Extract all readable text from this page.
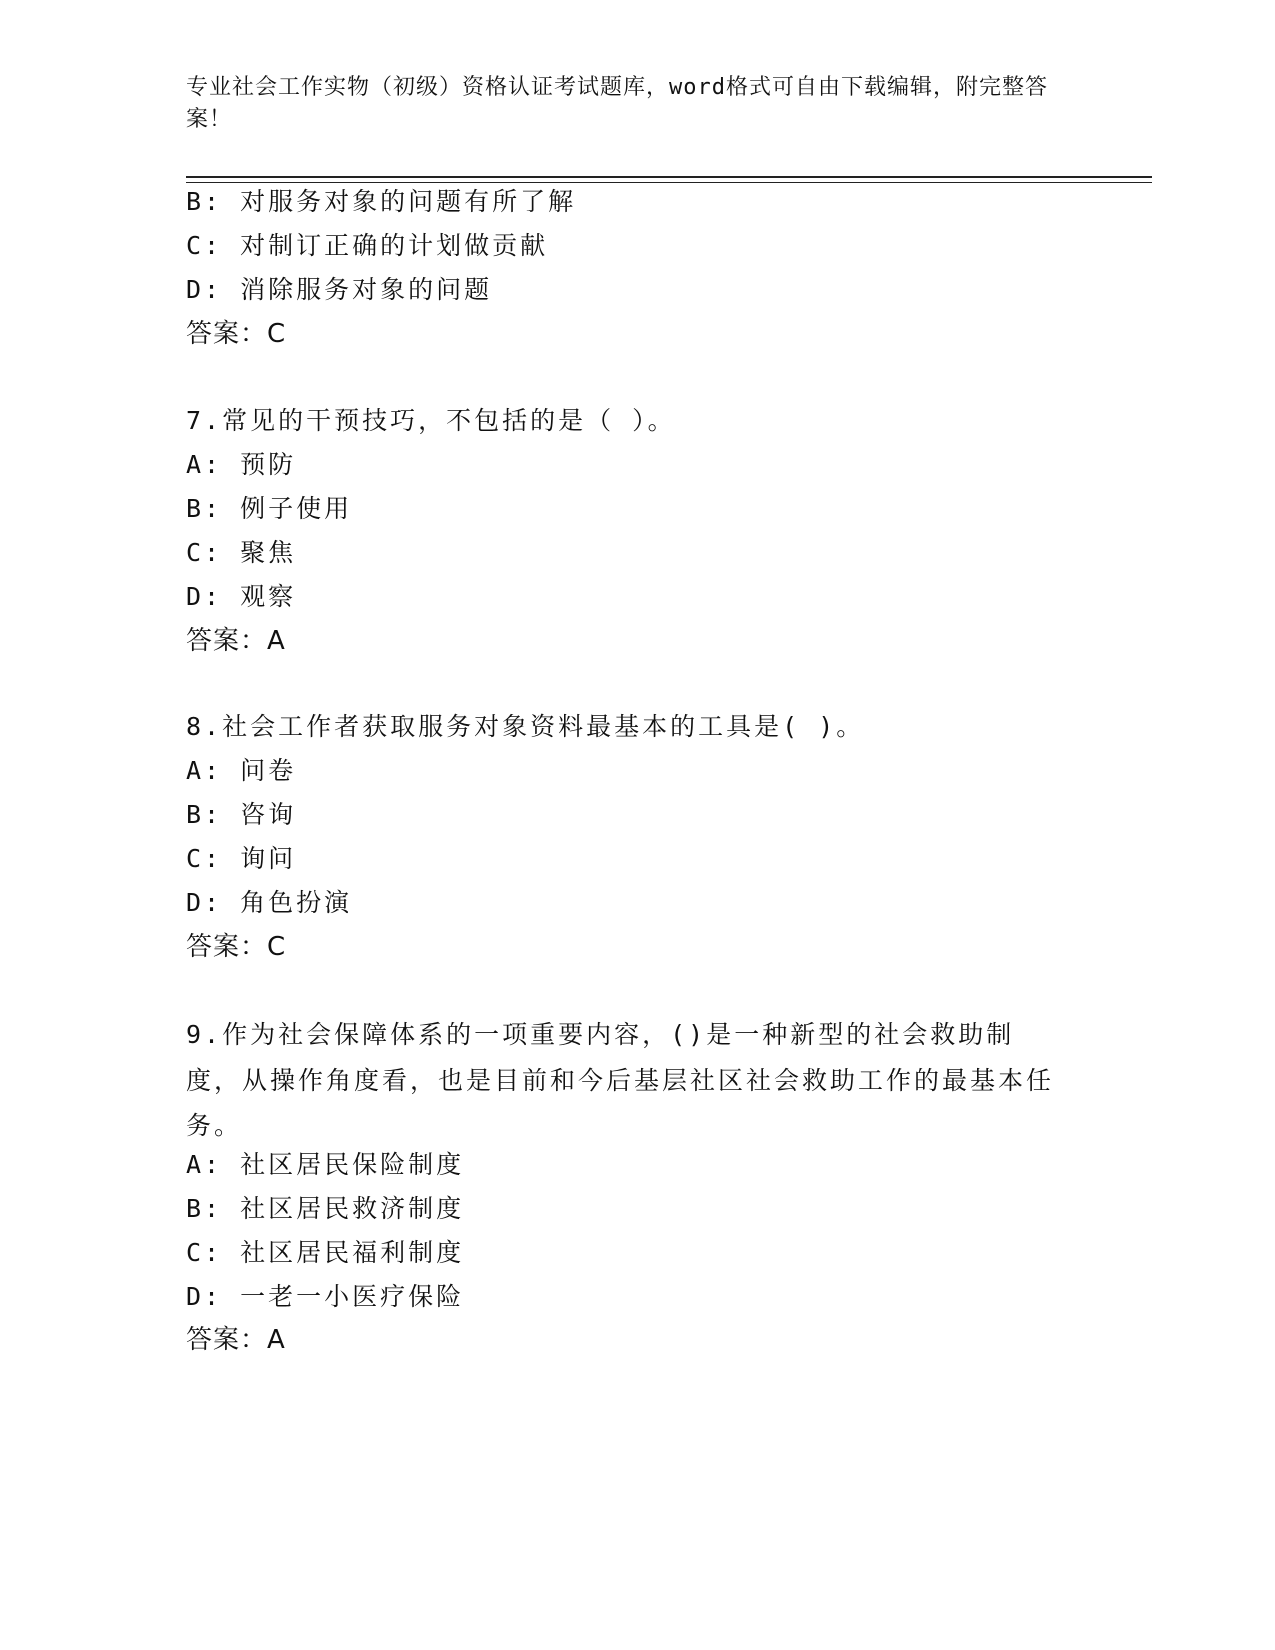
专业社会工作实物（初级）资格认证考试题库，word格式可自由下载编辑，附完整答案！
B: 对服务对象的问题有所了解
C: 对制订正确的计划做贡献
D: 消除服务对象的问题
答案：C
7.常见的干预技巧，不包括的是（ ）。
A: 预防
B: 例子使用
C: 聚焦
D: 观察
答案：A
8.社会工作者获取服务对象资料最基本的工具是( )。
A: 问卷
B: 咨询
C: 询问
D: 角色扮演
答案：C
9.作为社会保障体系的一项重要内容，()是一种新型的社会救助制度，从操作角度看，也是目前和今后基层社区社会救助工作的最基本任务。
A: 社区居民保险制度
B: 社区居民救济制度
C: 社区居民福利制度
D: 一老一小医疗保险
答案：A
